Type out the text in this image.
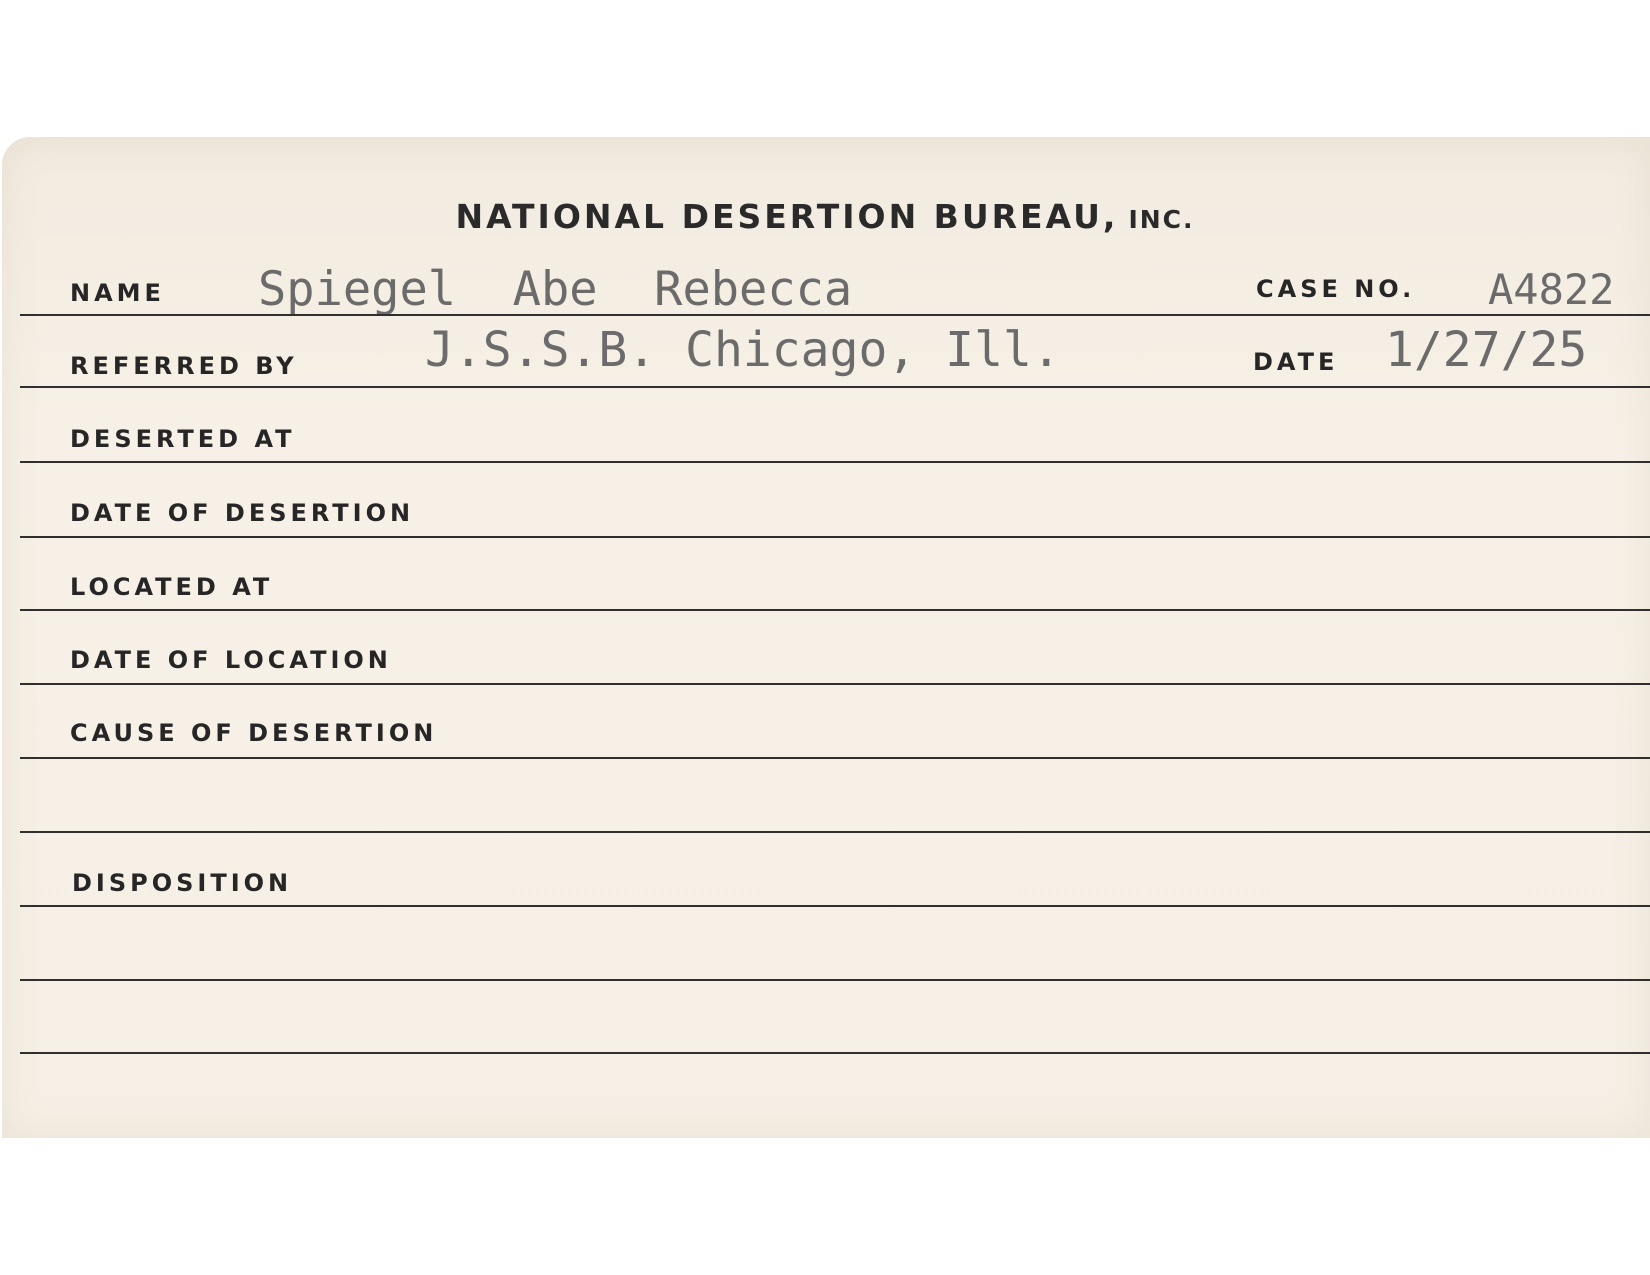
NATIONAL DESERTION BUREAU, INC.
NAME Spiegel  Abe  Rebecca	CASE NO. A4822
REFERRED BY	J.S.S.B. Chicago, Ill.	DATE 1/27/25
DESERTED AT
DATE OF DESERTION
LOCATED AT
DATE OF LOCATION
CAUSE OF DESERTION
DISPOSITION
